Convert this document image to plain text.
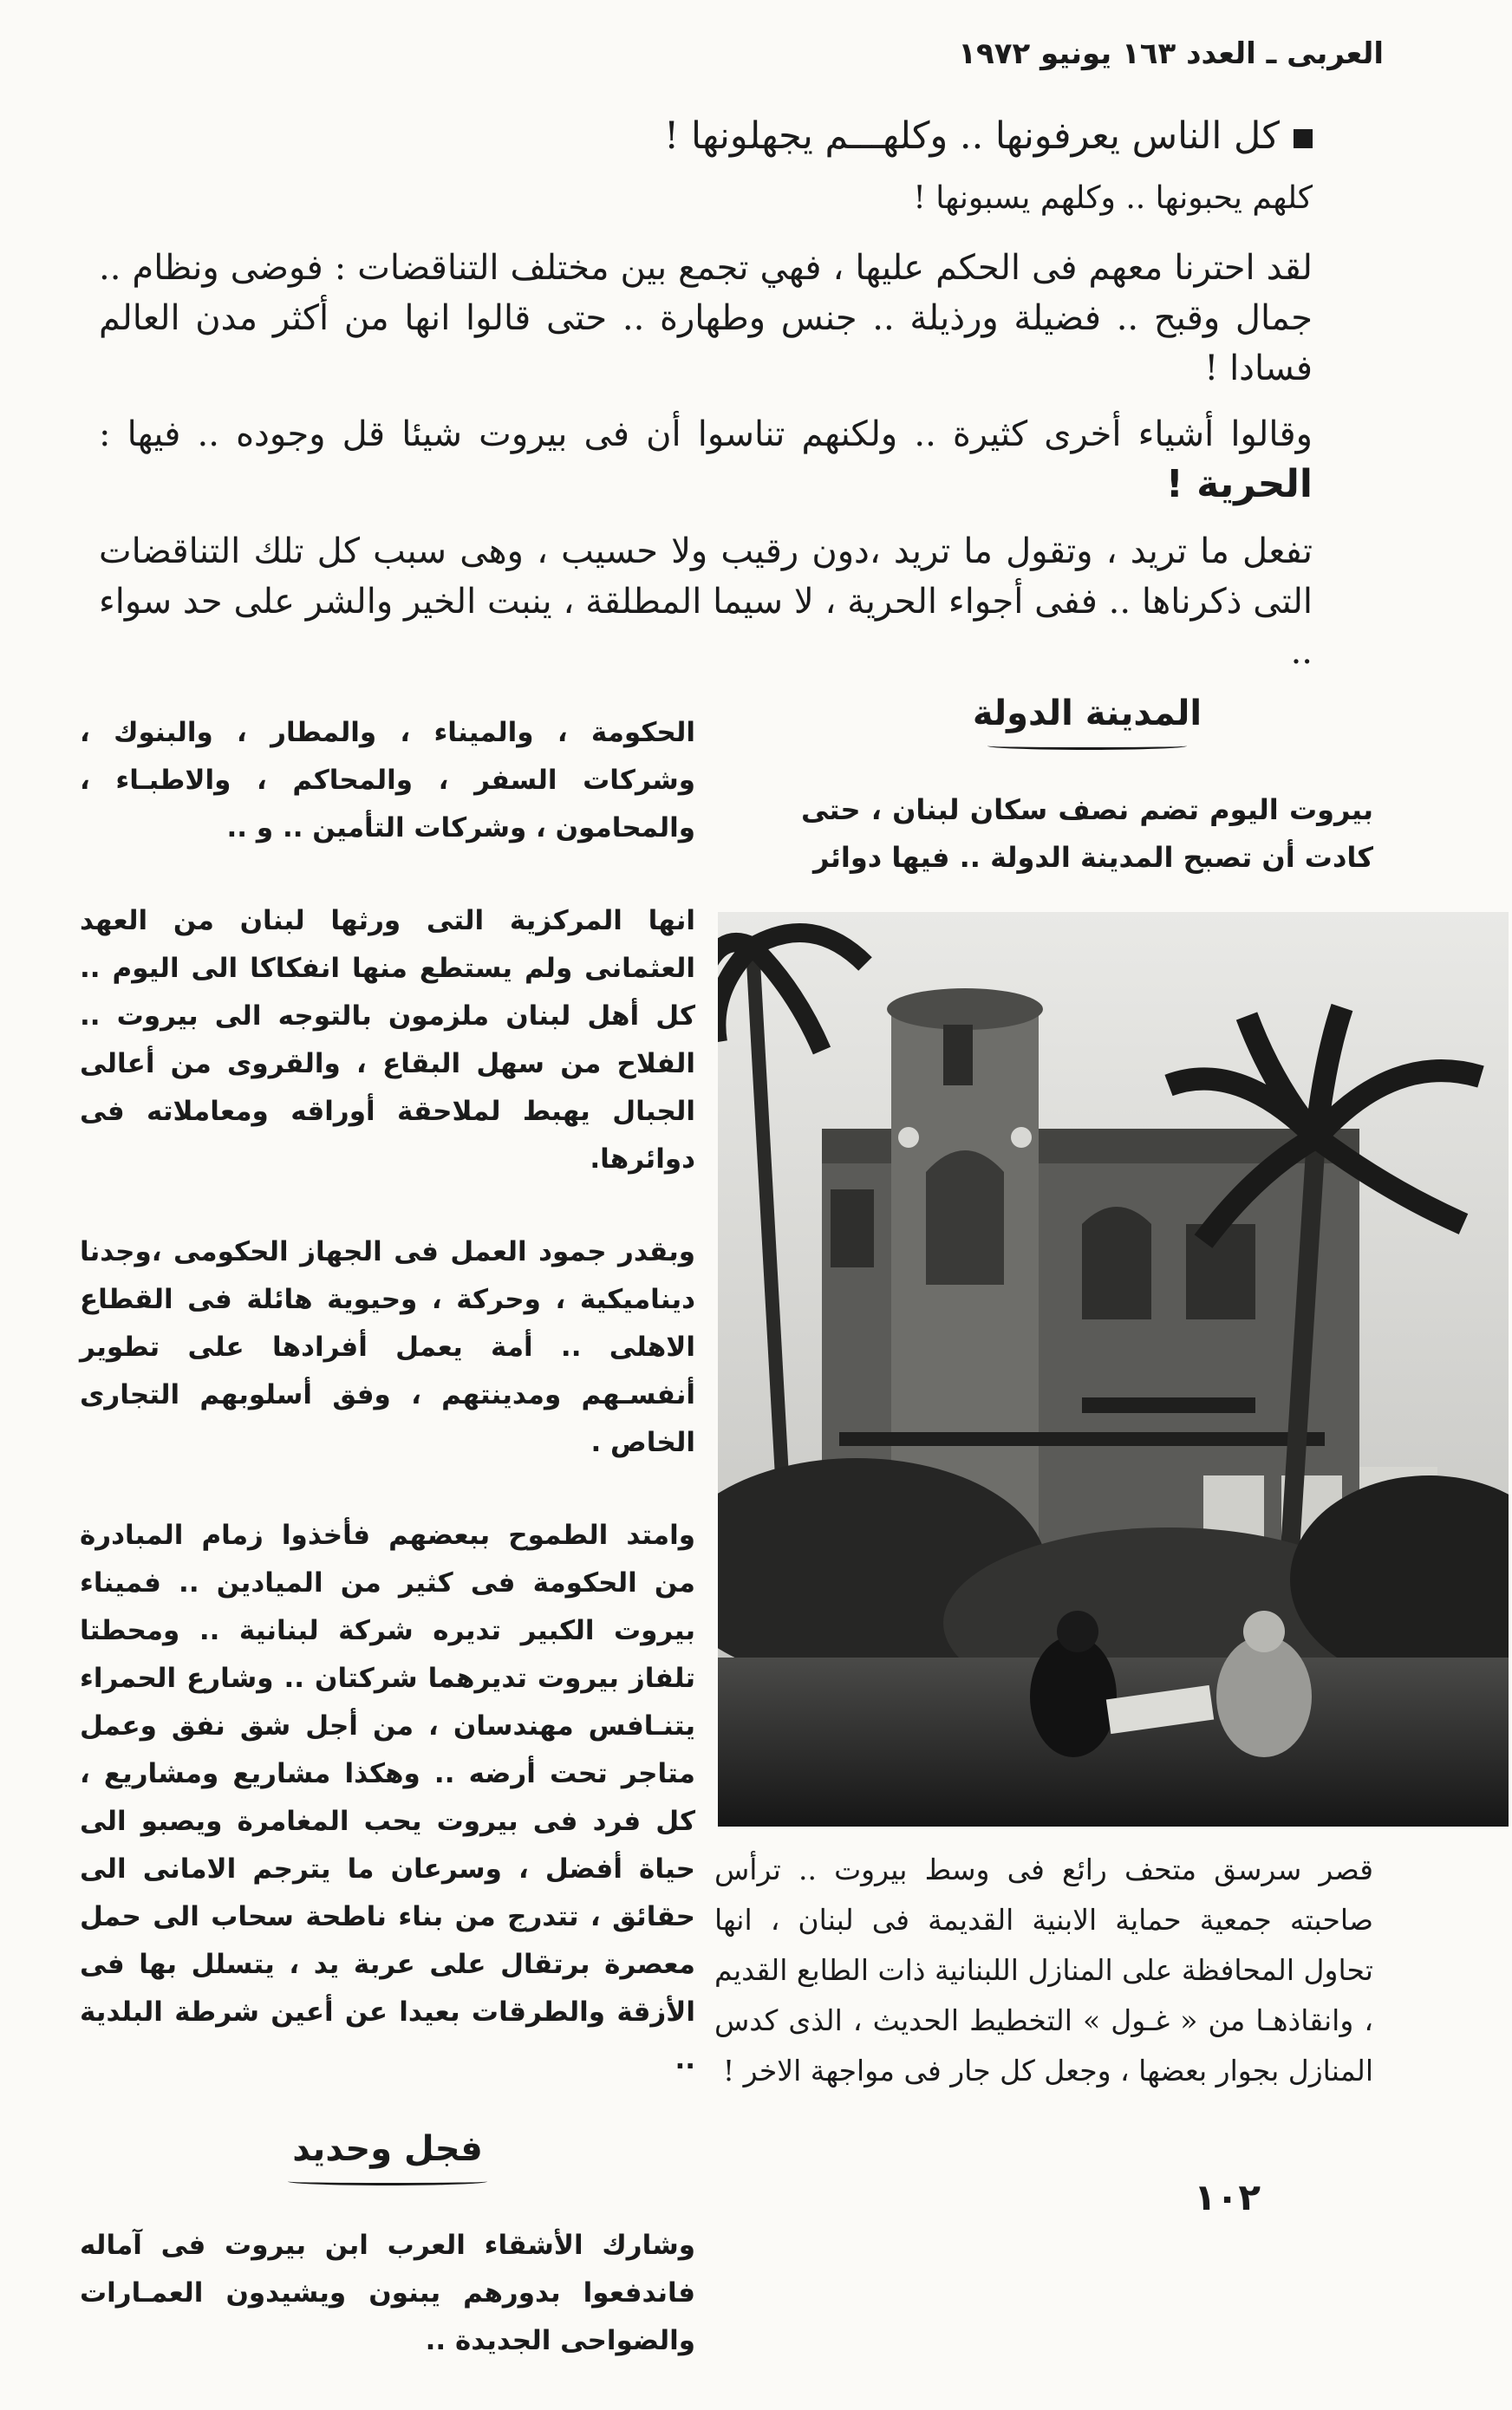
العربى ـ العدد ١٦٣ يونيو ١٩٧٢

كل الناس يعرفونها .. وكلهـــم يجهلونها !

كلهم يحبونها .. وكلهم يسبونها !

لقد احترنا معهم فى الحكم عليها ، فهي تجمع بين مختلف التناقضات : فوضى ونظام .. جمال وقبح .. فضيلة ورذيلة .. جنس وطهارة .. حتى قالوا انها من أكثر مدن العالم فسادا !

وقالوا أشياء أخرى كثيرة .. ولكنهم تناسوا أن فى بيروت شيئا قل وجوده .. فيها : الحرية !

تفعل ما تريد ، وتقول ما تريد ،دون رقيب ولا حسيب ، وهى سبب كل تلك التناقضات التى ذكرناها .. ففى أجواء الحرية ، لا سيما المطلقة ، ينبت الخير والشر على حد سواء ..

المدينة الدولة

بيروت اليوم تضم نصف سكان لبنان ، حتى كادت أن تصبح المدينة الدولة .. فيها دوائر

الحكومة ، والميناء ، والمطار ، والبنوك ، وشركات السفر ، والمحاكم ، والاطبـاء ، والمحامون ، وشركات التأمين .. و ..

انها المركزية التى ورثها لبنان من العهد العثمانى ولم يستطع منها انفكاكا الى اليوم .. كل أهل لبنان ملزمون بالتوجه الى بيروت .. الفلاح من سهل البقاع ، والقروى من أعالى الجبال يهبط لملاحقة أوراقه ومعاملاته فى دوائرها.

وبقدر جمود العمل فى الجهاز الحكومى ،وجدنا ديناميكية ، وحركة ، وحيوية هائلة فى القطاع الاهلى .. أمة يعمل أفرادها على تطوير أنفسـهم ومدينتهم ، وفق أسلوبهم التجارى الخاص .

وامتد الطموح ببعضهم فأخذوا زمام المبادرة من الحكومة فى كثير من الميادين .. فميناء بيروت الكبير تديره شركة لبنانية .. ومحطتا تلفاز بيروت تديرهما شركتان .. وشارع الحمراء يتنـافس مهندسان ، من أجل شق نفق وعمل متاجر تحت أرضه .. وهكذا مشاريع ومشاريع ، كل فرد فى بيروت يحب المغامرة ويصبو الى حياة أفضل ، وسرعان ما يترجم الامانى الى حقائق ، تتدرج من بناء ناطحة سحاب الى حمل معصرة برتقال على عربة يد ، يتسلل بها فى الأزقة والطرقات بعيدا عن أعين شرطة البلدية ..

فجل وحديد

وشارك الأشقاء العرب ابن بيروت فى آماله فاندفعوا بدورهم يبنون ويشيدون العمـارات والضواحى الجديدة ..

قصر سرسق متحف رائع فى وسط بيروت .. ترأس صاحبته جمعية حماية الابنية القديمة فى لبنان ، انها تحاول المحافظة على المنازل اللبنانية ذات الطابع القديم ، وانقاذهـا من « غـول » التخطيط الحديث ، الذى كدس المنازل بجوار بعضها ، وجعل كل جار فى مواجهة الاخر !
١٠٢
